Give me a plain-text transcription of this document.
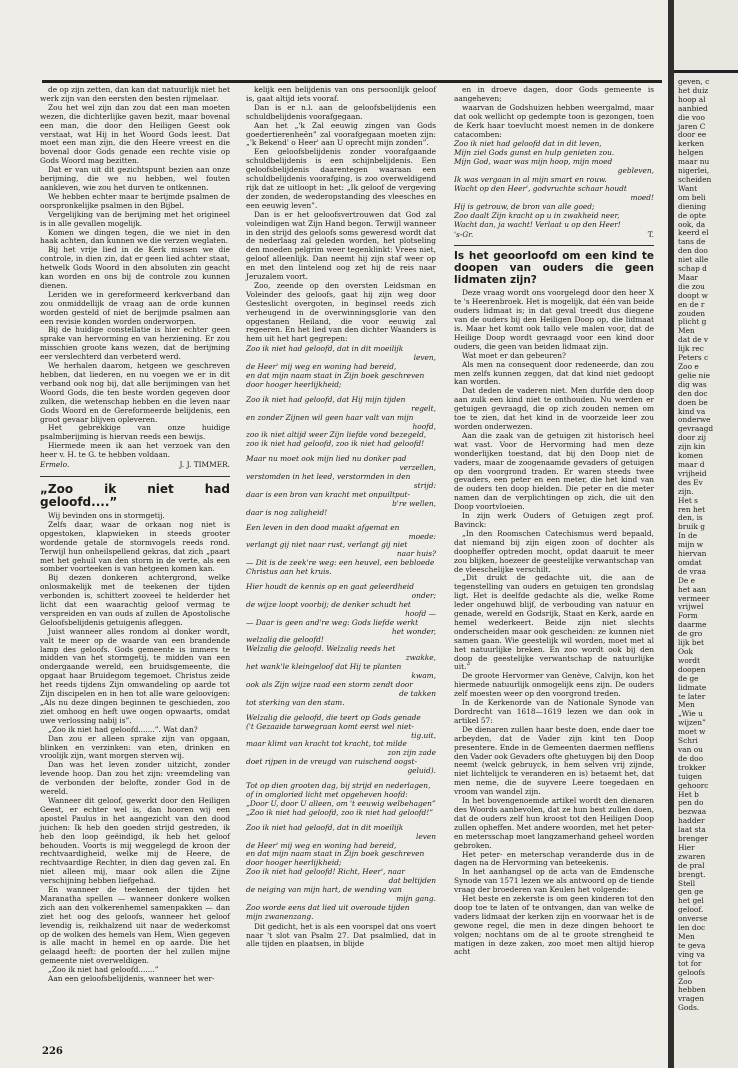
de op zijn zetten, dan kan dat natuurlijk niet het werk zijn van den eersten den besten rijmelaar.

Zou het wel zijn dan zou dat een man moeten wezen, die dichterlijke gaven bezit, maar bovenal een man, die door den Heiligen Geest ook verstaat, wat Hij in het Woord Gods leest. Dat moet een man zijn, die den Heere vreest en die bovenal door Gods genade een rechte visie op Gods Woord mag bezitten.

Dat er van uit dit gezichtspunt bezien aan onze berijming, die we nu hebben, wel fouten aankleven, wie zou het durven te ontkennen.

We hebben echter maar te berijmde psalmen de oorspronkelijke psalmen in den Bijbel.

Vergelijking van de berijming met het origineel is in alle gevallen mogelijk.

Komen we dingen tegen, die we niet in den haak achten, dan kunnen we die verzen weglaten.

Bij het vrije lied in de Kerk missen we die controle, in dien zin, dat er geen lied achter staat, hetwelk Gods Woord in den absoluten zin geacht kan worden en ons bij de controle zou kunnen dienen.

Leriden we in gereformeerd kerkverband dan zou onmiddellijk de vraag aan de orde kunnen worden gesteld of niet de berijmde psalmen aan een revisie konden worden onderworpen.

Bij de huidige constellatie is hier echter geen sprake van hervorming en van herziening. Er zou misschien groote kans wezen, dat de berijming eer verslechterd dan verbeterd werd.

We herhalen daarom, hetgeen we geschreven hebben, dat liederen, en nu voegen we er in dit verband ook nog bij, dat alle berijmingen van het Woord Gods, die ten beste worden gegeven door zulken, die wetenschap hebben en die leven naar Gods Woord en de Gereformeerde belijdenis, een groot gevaar blijven opleveren.

Het gebrekkige van onze huidige psalmberijming is hiervan reeds een bewijs.

Hiermede meen ik aan het verzoek van den heer v. H. te G. te hebben voldaan.

Ermelo.	J. J. TIMMER.
„Zoo ik niet had geloofd....”

Wij bevinden ons in stormgetij.

Zelfs daar, waar de orkaan nog niet is opgestoken, klapwieken in steeds grooter wordende getale de stormvogels reeds rond. Terwijl hun onheilspellend gekras, dat zich „paart met het gehuil van den storm in de verte, als een somber voorteeken is van hetgeen komen kan.

Bij dezen donkeren achtergrond, welke onlosmakelijk met de teekenen der tijden verbonden is, schittert zooveel te helderder het licht dat een waarachtig geloof vermag te verspreiden en van ouds af zullen de Apostolische Geloofsbelijdenis getuigenis afleggen.

Juist wanneer alles rondom al donker wordt, valt te meer op de waarde van een brandende lamp des geloofs. Gods gemeente is immers te midden van het stormgetij, te midden van een ondergaande wereld, een bruidsgemeente, die opgaat haar Bruidegom tegemoet. Christus zeide het reeds tijdens Zijn omwandeling op aarde tot Zijn discipelen en in hen tot alle ware geloovigen: „Als nu deze dingen beginnen te geschieden, zoo ziet omhoog en heft uwe oogen opwaarts, omdat uwe verlossing nabij is”.

„Zoo ik niet had geloofd.......”. Wat dan?

Dan zou er alleen sprake zijn van opgaan, blinken en verzinken: van eten, drinken en vroolijk zijn, want morgen sterven wij.

Dan was het leven zonder uitzicht, zonder levende hoop. Dan zou het zijn: vreemdeling van de verbonden der belofte, zonder God in de wereld.

Wanneer dit geloof, gewerkt door den Heiligen Geest, er echter wel is, dan hooren wij een apostel Paulus in het aangezicht van den dood juichen: Ik heb den goeden strijd gestreden, ik heb den loop geëindigd, ik heb het geloof behouden. Voorts is mij weggelegd de kroon der rechtvaardigheid, welke mij de Heere, de rechtvaardige Rechter, in dien dag geven zal. En niet alleen mij, maar ook allen die Zijne verschijning hebben liefgehad.

En wanneer de teekenen der tijden het Maranatha spellen — wanneer donkere wolken zich aan den volkerenhemel samenpakken — dan ziet het oog des geloofs, wanneer het geloof levendig is, reikhalzend uit naar de wederkomst op de wolken des hemels van Hem, Wien gegeven is alle macht in hemel en op aarde. Die het gelaagd heeft: de poorten der hel zullen mijne gemeente niet overweldigen.

„Zoo ik niet had geloofd.......”

Aan een geloofsbelijdenis, wanneer het wer-

kelijk een belijdenis van ons persoonlijk geloof is, gaat altijd iets vooraf.

Dan is er n.l. aan de geloofsbelijdenis een schuldbelijdenis voorafgegaan.

Aan het „'k Zal eeuwig zingen van Gods goedertierenheên” zal voorafgegaan moeten zijn: „'k Bekend' o Heer' aan U oprecht mijn zonden”.

Een geloofsbelijdenis zonder voorafgaande schuldbelijdenis is een schijnbelijdenis. Een geloofsbelijdenis daarentegen waaraan een schuldbelijdenis voorafging, is zoo overweldigend rijk dat ze uitloopt in het: „Ik geloof de vergeving der zonden, de wederopstanding des vleesches en een eeuwig leven”.

Dan is er het geloofsvertrouwen dat God zal voleindigen wat Zijn Hand begon. Terwijl wanneer in den strijd des geloofs soms geweresd wordt dat de nederlaag zal geleden worden, het plotseling den moeden pelgrim weer tegenklinkt: Vrees niet, geloof alleenlijk. Dan neemt hij zijn staf weer op en met den lintelend oog zet hij de reis naar Jeruzalem voort.

Zoo, zeende op den oversten Leidsman en Voleinder des geloofs, gaat hij zijn weg door Gesteslicht overgoten, in beginsel reeds zich verheugend in de overwinningsglorie van den opgestanen Heiland, die voor eeuwig zal regeeren. En het lied van den dichter Waanders is hem uit het hart gegrepen:

Zoo ik niet had geloofd, dat in dit moeilijk
leven,
de Heer' mij weg en woning had bereid,
en dat mijn naam staat in Zijn boek geschreven
door hooger heerlijkheid;
Zoo ik niet had geloofd, dat Hij mijn tijden
regelt,
en zonder Zijnen wil geen haar valt van mijn
hoofd,
zoo ik niet altijd weer Zijn liefde vond bezegeld,
zoo ik niet had geloofd, zoo ik niet had geloofd!
Maar nu moet ook mijn lied nu donker pad
verzellen,
verstomden in het leed, verstormden in den
strijd:
daar is een bron van kracht met onpuiltput-
b're wellen,
daar is nog zaligheid!
Een leven in den dood maakt afgemat en
moede:
verlangt gij niet naar rust, verlangt gij niet
naar huis?
— Dit is de zeek're weg: een heuvel, een bebloede
Christus aan het kruis.
Hier houdt de kennis op en gaat geleerdheid
onder;
de wijze loopt voorbij; de denker schudt het
hoofd —
— Daar is geen and're weg: Gods liefde werkt
het wonder,
welzalig die geloofd!
Welzalig die geloofd. Welzalig reeds het
zwakke,
het wank'le kleingeloof dat Hij te planten
kwam,
ook als Zijn wijze raad een storm zendt door
de takken
tot sterking van den stam.
Welzalig die geloofd, die teert op Gods genade
('t Gezaaide tarwegraan komt eerst wel niet-
tig.uit,
maar klimt van kracht tot kracht, tot milde
zon zijn zade
doet rijpen in de vreugd van ruischend oogst-
geluid).
Tot op dien grooten dag, bij strijd en nederlagen,
of in omgloried licht met opgeheven hoofd:
„Door U, door U alleen, om 't eeuwig welbehagen”
„Zoo ik niet had geloofd, zoo ik niet had geloofd!”
Zoo ik niet had geloofd, dat in dit moeilijk
leven
de Heer' mij weg en woning had bereid,
en dat mijn naam staat in Zijn boek geschreven
door hooger heerlijkheid;
Zoo ik niet had geloofd! Richt, Heer', naar
dat beltijden
de neiging van mijn hart, de wending van
mijn gang.
Zoo worde eens dat lied uit overoude tijden
mijn zwanenzang.

Dit gedicht, het is als een voorspel dat ons voert naar 't slot van Psalm 27. Dat psalmlied, dat in alle tijden en plaatsen, in blijde

en in droeve dagen, door Gods gemeente is aangeheven;

waarvan de Godshuizen hebben weergalmd, maar dat ook wellicht op gedempte toon is gezongen, toen de Kerk haar toevlucht moest nemen in de donkere catacomben:

Zoo ik niet had geloofd dat in dit leven,
Mijn ziel Gods gunst en hulp genieten zou.
Mijn God, waar was mijn hoop, mijn moed
gebleven,
Ik was vergaan in al mijn smart en rouw.
Wacht op den Heer', godvruchte schaar houdt
moed!
Hij is getrouw, de bron van alle goed;
Zoo daalt Zijn kracht op u in zwakheid neer,
Wacht dan, ja wacht! Verlaat u op den Heer!
's-Gr.	T.
Is het geoorloofd om een kind te doopen van ouders die geen lidmaten zijn?

Deze vraag wordt ons voorgelegd door den heer X te 's Heerenbroek. Het is mogelijk, dat één van beide ouders lidmaat is; in dat geval treedt dus diegene van de ouders bij den Heiligen Doop op, die lidmaat is. Maar het komt ook tallo vele malen voor, dat de Heilige Doop wordt gevraagd voor een kind door ouders, die geen van beiden lidmaat zijn.

Wat moet er dan gebeuren?

Als men na consequent door redeneerde, dan zou men zelfs kunnen zeggen, dat dat kind niet gedoopt kan worden.

Dat deden de vaderen niet. Men durfde den doop aan zulk een kind niet te onthouden. Nu werden er getuigen gevraagd, die op zich zouden nemen om toe te zien, dat het kind in de voorzeide leer zou worden onderwezen.

Aan die zaak van de getuigen zit historisch heel wat vast. Voor de Hervorming had men deze wonderlijken toestand, dat bij den Doop niet de vaders, maar de zoogenaamde gevaders of getuigen op den voorgrond traden. Er waren steeds twee gevaders, een peter en een meter, die het kind van de ouders ten doop hielden. Die peter en die meter namen dan de verplichtingen op zich, die uit den Doop voortvloeien.

In zijn werk Ouders of Getuigen zegt prof. Bavinck:

„In den Roomschen Catechismus werd bepaald, dat niemand bij zijn eigen zoon of dochter als doopheffer optreden mocht, opdat daaruit te meer zou blijken, hoezeer de geestelijke verwantschap van de vleeschelijke verschilt.

„Dit drukt de gedachte uit, die aan de tegenstelling van ouders en getuigen ten grondslag ligt. Het is deelfde gedachte als die, welke Rome leder ongehuwd blijf, de verbouding van natuur en genade, wereld en Godsrijk, Staat en Kerk, aarde en hemel wederkeert. Beide zijn niet slechts onderscheiden maar ook gescheiden: ze kunnen niet samen gaan. Wie geestelijk wil worden, moet met al het natuurlijke breken. En zoo wordt ook bij den doop de geestelijke verwantschap de natuurlijke uit.”

De groote Hervormer van Genève, Calvijn, kon het hiermede natuurlijk onmogelijk eens zijn. De ouders zelf moesten weer op den voorgrond treden.

In de Kerkenorde van de Nationale Synode van Dordrecht van 1618—1619 lezen we dan ook in artikel 57:

De dienaren zullen haar beste doen, ende daer toe arbeyden, dat de Vader zijn kint ten Doop presentere. Ende in de Gemeenten daermen nefflens den Vader ook Gevaders ofte ghetuygen bij den Doop neemt (welck gebruyck, in hem selven vrij zijnde, niet lichtelijck te veranderen en is) betaemt het, dat men neme, die de suyvere Leere toegedaen en vroom van wandel zijn.

In het bovengenoemde artikel wordt den dienaren des Woords aanbevolen, dat ze hun best zullen doen, dat de ouders zelf hun kroost tot den Heiligen Doop zullen opheffen. Met andere woorden, met het peter- en metersschap moet langzamerhand geheel worden gebroken.

Het peter- en meterschap veranderde dus in de dagen na de Hervorming van beteekenis.

In het aanhangsel op de acta van de Emdensche Synode van 1571 lezen we als antwoord op de tiende vraag der broederen van Keulen het volgende:

Het beste en zekerste is om geen kinderen tot den doop toe te laten of te ontvangen, dan van welke de vaders lidmaat der kerken zijn en voorwaar het is de gewone regel, die men in deze dingen behoort te volgen; nochtans om de al te groote strengheid te matigen in deze zaken, zoo moet men altijd hierop acht

226
geven, c
het duiz
hoop al
aanbied
die voo
jaren C
door ee
kerken
helgen
maar nu
nigerlei,
scheiden
Want
om beli
diening
de opte
ook, da
keerd el
tans de
den doo
niet alle
schap d
Maar
die zou
doopt w
en de r
zouden
plicht g
Men
dat de v
lijk rec
Peters c
Zoo e
gelie nie
dig was
den doc
doen be
kind va
onderwe
gevraagd
door zij
zijn kin
komen
maar d
vrijheid
des Ev
zijn.
Het s
ren het
den, is
bruik g
In de
mijn w
hiervan
omdat
de vraa
De e
het aan
vermeer
vrijwel
Form
daarme
de gro
lijk bet
Ook
wordt
doopen
de ge
lidmate
te later
Men
„Wie u
wijzen”
moet w
Schri
van ou
de doo
trokker
tuigen
gehoorc
Het b
pen do
bezwaa
hadder
laat sta
brenger
Hier
zwaren
de pral
brengt.
Stell
gen ge
het gel
geloof.
onverse
len doc
Men
te geva
ving va
tot for
geloofs
Zoo
hebben
vragen
Gods.
